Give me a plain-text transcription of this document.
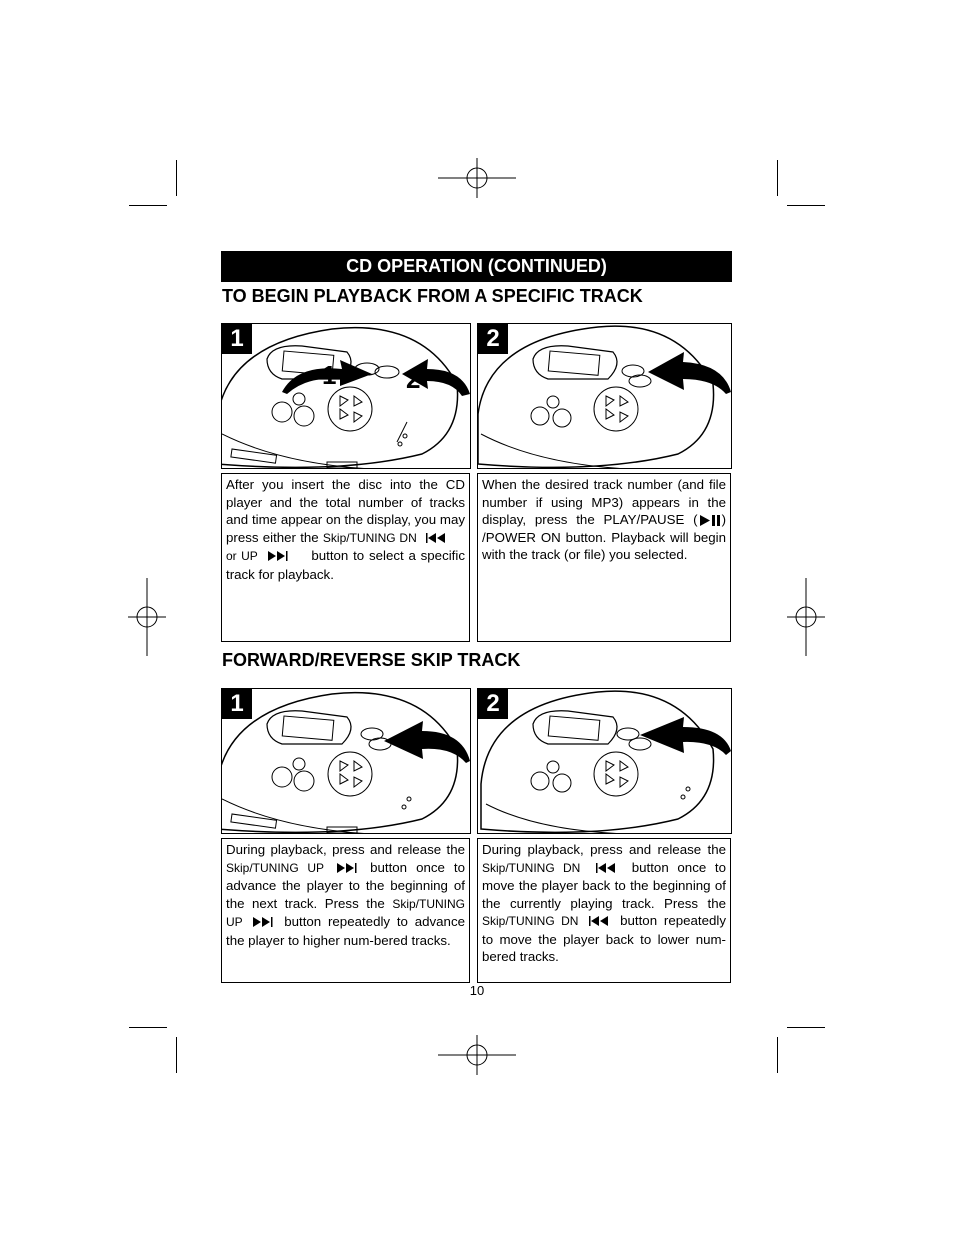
CD OPERATION (CONTINUED)
TO BEGIN PLAYBACK FROM A SPECIFIC TRACK
1
1	2
2
After you insert the disc into the CD player and the total number of tracks and time appear on the display, you may press either the Skip/TUNING DN  or UP	button to select a specific track for playback.
When the desired track number (and file number if using MP3) appears in the display, press the PLAY/PAUSE ( ) /POWER ON button. Playback will begin with the track (or file) you selected.
FORWARD/REVERSE SKIP TRACK
1	2
During playback, press and release the Skip/TUNING UP	button once to advance the player to the beginning of the next track. Press the Skip/TUNING UP	button repeatedly to advance the player to higher num-bered tracks.
During playback, press and release the Skip/TUNING DN	button once to move the player back to the beginning of the currently playing track. Press the Skip/TUNING DN	button repeatedly to move the player back to lower num-bered tracks.
10
